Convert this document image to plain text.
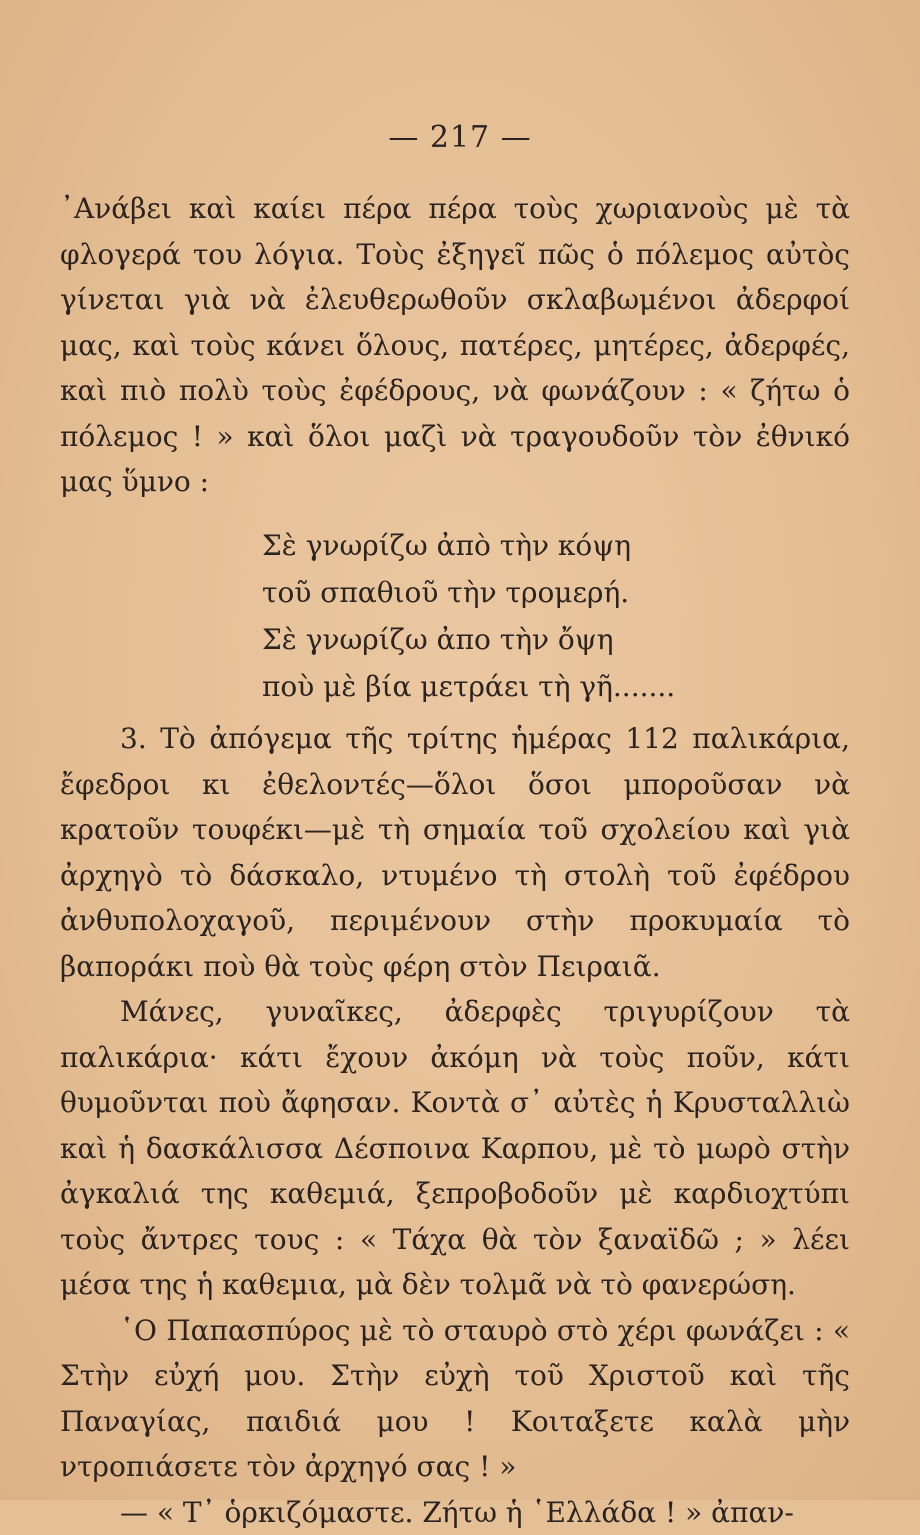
— 217 —

᾿Ανάβει καὶ καίει πέρα πέρα τοὺς χωριανοὺς μὲ τὰ φλογερά του λόγια. Τοὺς ἐξηγεῖ πῶς ὁ πόλεμος αὐτὸς γίνεται γιὰ νὰ ἐλευθερωθοῦν σκλαβωμένοι ἀδερφοί μας, καὶ τοὺς κάνει ὅλους, πατέρες, μητέρες, ἀδερφές, καὶ πιὸ πολὺ τοὺς ἐφέδρους, νὰ φωνάζουν : « ζήτω ὁ πόλεμος ! » καὶ ὅλοι μαζὶ νὰ τραγουδοῦν τὸν ἐθνικό μας ὕμνο :

Σὲ γνωρίζω ἀπὸ τὴν κόψη
τοῦ σπαθιοῦ τὴν τρομερή.
Σὲ γνωρίζω ἀπο τὴν ὄψη
ποὺ μὲ βία μετράει τὴ γῆ.......

3. Τὸ ἀπόγεμα τῆς τρίτης ἡμέρας 112 παλικάρια, ἔφεδροι κι ἐθελοντές—ὅλοι ὅσοι μποροῦσαν νὰ κρατοῦν τουφέκι—μὲ τὴ σημαία τοῦ σχολείου καὶ γιὰ ἀρχηγὸ τὸ δάσκαλο, ντυμένο τὴ στολὴ τοῦ ἐφέδρου ἀνθυπολοχαγοῦ, περιμένουν στὴν προκυμαία τὸ βαποράκι ποὺ θὰ τοὺς φέρη στὸν Πειραιᾶ.

Μάνες, γυναῖκες, ἀδερφὲς τριγυρίζουν τὰ παλικάρια· κάτι ἔχουν ἀκόμη νὰ τοὺς ποῦν, κάτι θυμοῦνται ποὺ ἄφησαν. Κοντὰ σ᾿ αὐτὲς ἡ Κρυσταλλιὼ καὶ ἡ δασκάλισσα Δέσποινα Καρπου, μὲ τὸ μωρὸ στὴν ἀγκαλιά της καθεμιά, ξεπροβοδοῦν μὲ καρδιοχτύπι τοὺς ἄντρες τους : « Τάχα θὰ τὸν ξαναϊδῶ ; » λέει μέσα της ἡ καθεμια, μὰ δὲν τολμᾶ νὰ τὸ φανερώση.

῾Ο Παπασπύρος μὲ τὸ σταυρὸ στὸ χέρι φωνάζει : « Στὴν εὐχή μου. Στὴν εὐχὴ τοῦ Χριστοῦ καὶ τῆς Παναγίας, παιδιά μου ! Κοιταξετε καλὰ μὴν ντροπιάσετε τὸν ἀρχηγό σας ! »

— « Τ᾿ ὁρκιζόμαστε. Ζήτω ἡ ῾Ελλάδα ! » ἀπαν-
